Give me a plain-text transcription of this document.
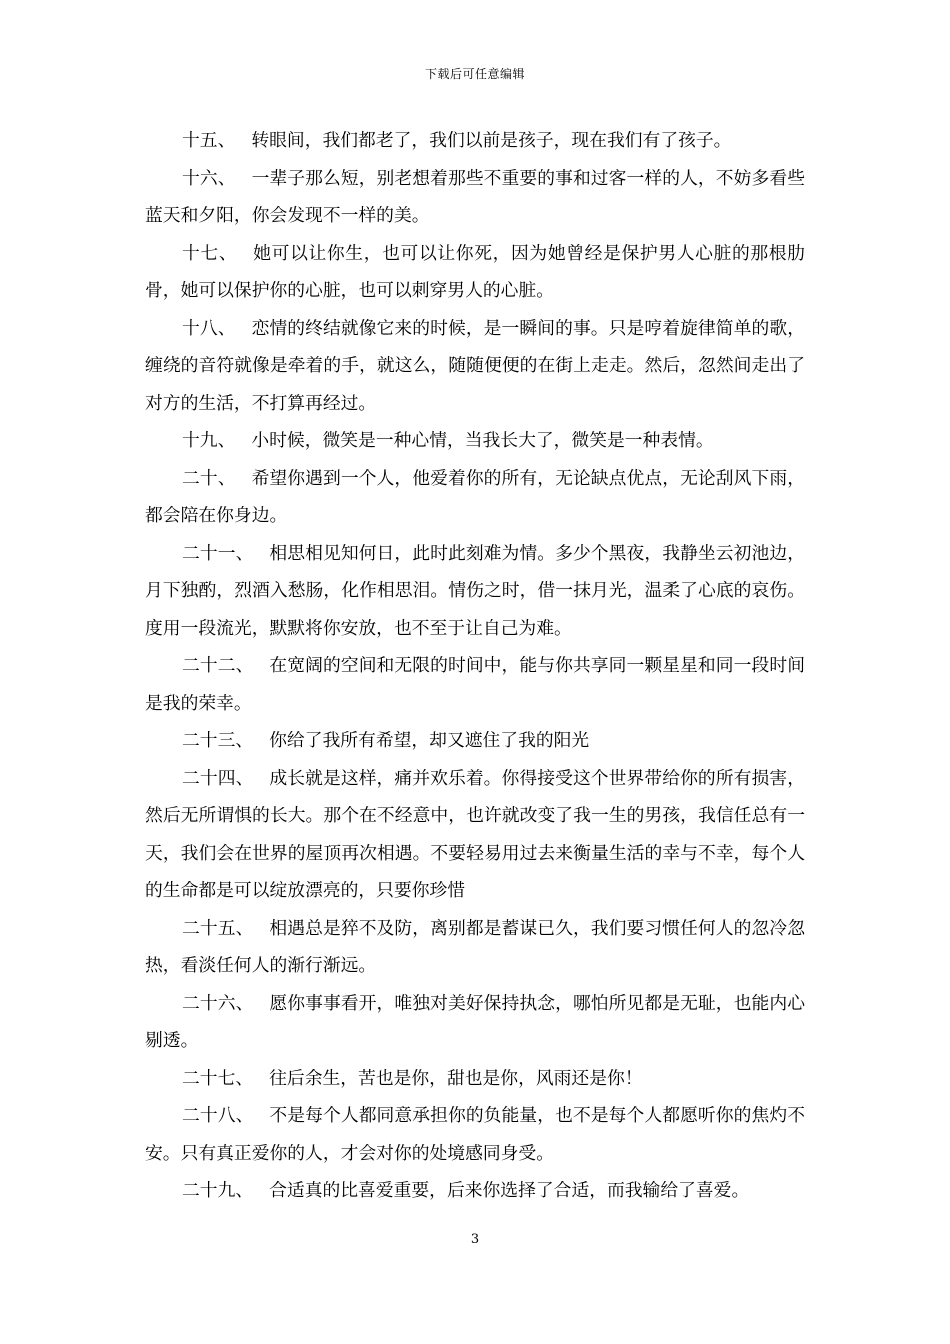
下载后可任意编辑

十五、 转眼间，我们都老了，我们以前是孩子，现在我们有了孩子。

十六、 一辈子那么短，别老想着那些不重要的事和过客一样的人，不妨多看些蓝天和夕阳，你会发现不一样的美。

十七、 她可以让你生，也可以让你死，因为她曾经是保护男人心脏的那根肋骨，她可以保护你的心脏，也可以刺穿男人的心脏。

十八、 恋情的终结就像它来的时候，是一瞬间的事。只是哼着旋律简单的歌，缠绕的音符就像是牵着的手，就这么，随随便便的在街上走走。然后，忽然间走出了对方的生活，不打算再经过。

十九、 小时候，微笑是一种心情，当我长大了，微笑是一种表情。

二十、 希望你遇到一个人，他爱着你的所有，无论缺点优点，无论刮风下雨，都会陪在你身边。

二十一、 相思相见知何日，此时此刻难为情。多少个黑夜，我静坐云初池边，月下独酌，烈酒入愁肠，化作相思泪。情伤之时，借一抹月光，温柔了心底的哀伤。度用一段流光，默默将你安放，也不至于让自己为难。

二十二、 在宽阔的空间和无限的时间中，能与你共享同一颗星星和同一段时间是我的荣幸。

二十三、 你给了我所有希望，却又遮住了我的阳光

二十四、 成长就是这样，痛并欢乐着。你得接受这个世界带给你的所有损害，然后无所谓惧的长大。那个在不经意中，也许就改变了我一生的男孩，我信任总有一天，我们会在世界的屋顶再次相遇。不要轻易用过去来衡量生活的幸与不幸，每个人的生命都是可以绽放漂亮的，只要你珍惜

二十五、 相遇总是猝不及防，离别都是蓄谋已久，我们要习惯任何人的忽冷忽热，看淡任何人的渐行渐远。

二十六、 愿你事事看开，唯独对美好保持执念，哪怕所见都是无耻，也能内心剔透。

二十七、 往后余生，苦也是你，甜也是你，风雨还是你！

二十八、 不是每个人都同意承担你的负能量，也不是每个人都愿听你的焦灼不安。只有真正爱你的人，才会对你的处境感同身受。

二十九、 合适真的比喜爱重要，后来你选择了合适，而我输给了喜爱。

3
